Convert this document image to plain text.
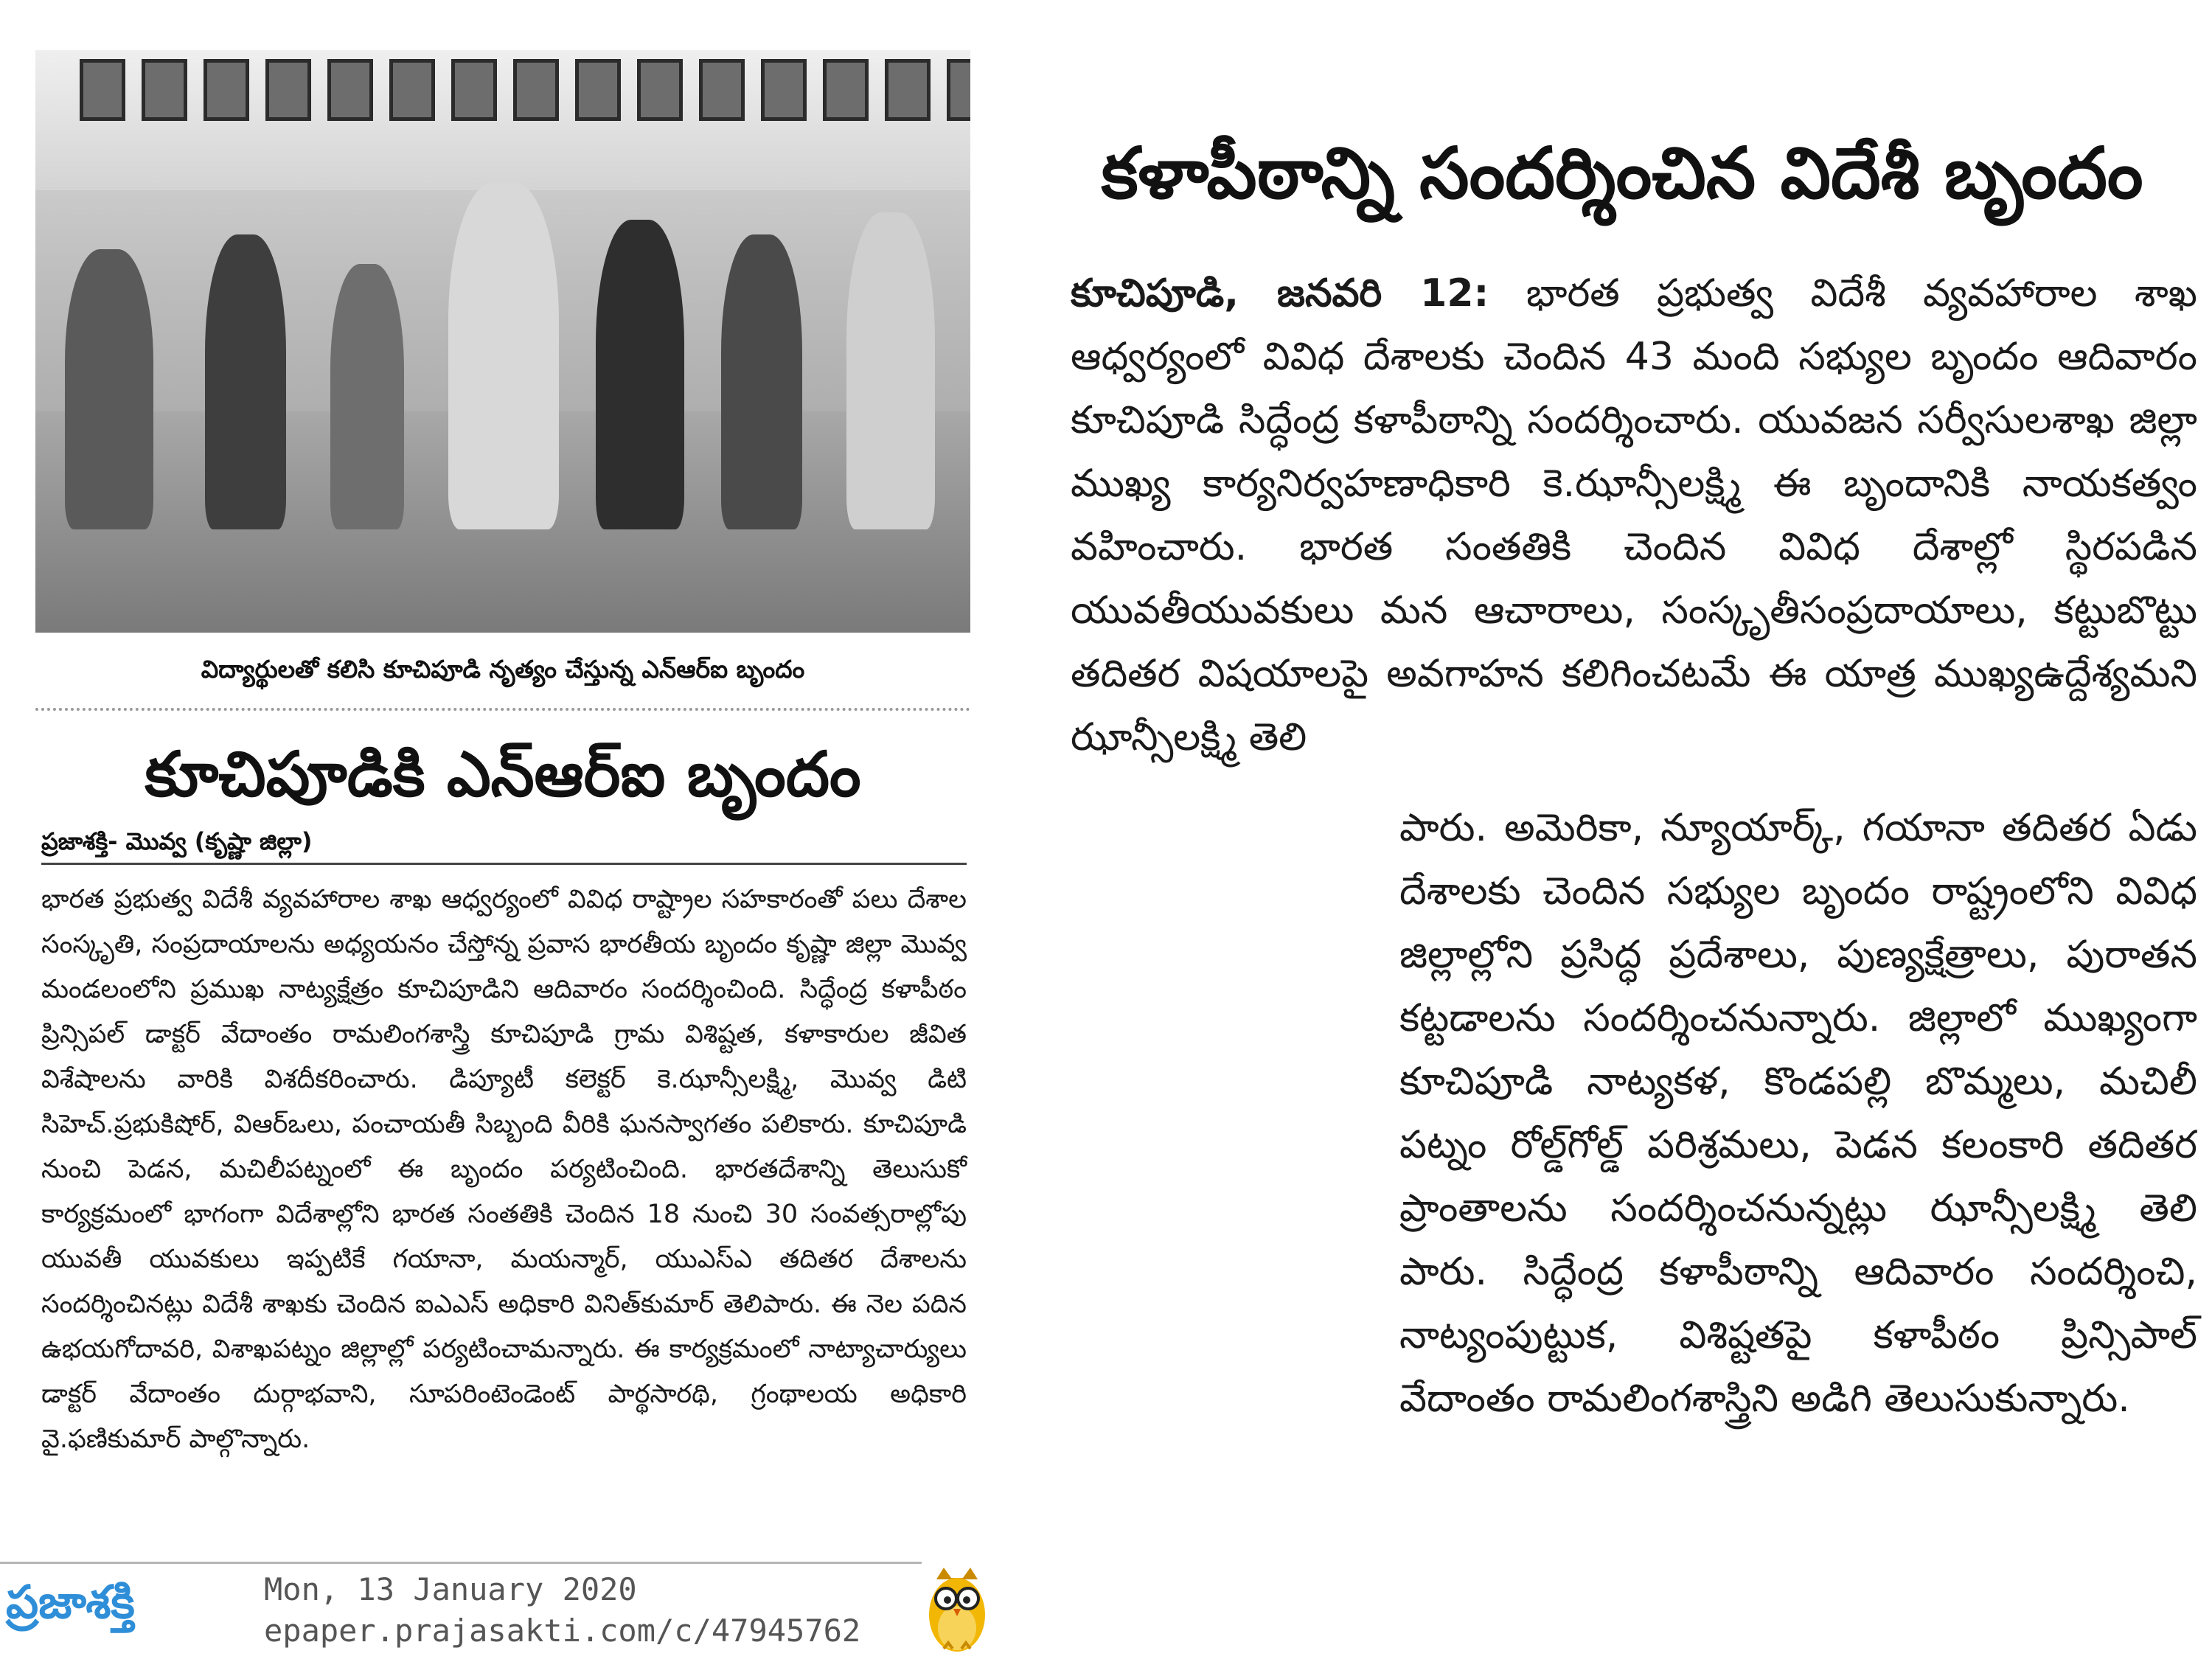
విద్యార్థులతో కలిసి కూచిపూడి నృత్యం చేస్తున్న ఎన్‌ఆర్‌ఐ బృందం
కూచిపూడికి ఎన్‌ఆర్‌ఐ బృందం
ప్రజాశక్తి- మొవ్వ (కృష్ణా జిల్లా)

భారత ప్రభుత్వ విదేశీ వ్యవహారాల శాఖ ఆధ్వర్యంలో వివిధ రాష్ట్రాల సహకారంతో పలు దేశాల సంస్కృతి, సంప్రదాయాలను అధ్యయనం చేస్తోన్న ప్రవాస భారతీయ బృందం కృష్ణా జిల్లా మొవ్వ మండలంలోని ప్రముఖ నాట్యక్షేత్రం కూచిపూడిని ఆదివారం సందర్శించింది. సిద్ధేంద్ర కళాపీఠం ప్రిన్సిపల్ డాక్టర్ వేదాంతం రామలింగశాస్త్రి కూచిపూడి గ్రామ విశిష్టత, కళాకారుల జీవిత విశేషాలను వారికి విశదీకరించారు. డిప్యూటీ కలెక్టర్ కె.ఝాన్సీలక్ష్మి, మొవ్వ డిటి సిహెచ్.ప్రభుకిషోర్, విఆర్‌ఒలు, పంచాయతీ సిబ్బంది వీరికి ఘనస్వాగతం పలికారు. కూచిపూడి నుంచి పెడన, మచిలీపట్నంలో ఈ బృందం పర్యటించింది. భారతదేశాన్ని తెలుసుకో కార్యక్రమంలో భాగంగా విదేశాల్లోని భారత సంతతికి చెందిన 18 నుంచి 30 సంవత్సరాల్లోపు యువతీ యువకులు ఇప్పటికే గయానా, మయన్మార్, యుఎస్‌ఎ తదితర దేశాలను సందర్శించినట్లు విదేశీ శాఖకు చెందిన ఐఎఎస్ అధికారి వినిత్‌కుమార్ తెలిపారు. ఈ నెల పదిన ఉభయగోదావరి, విశాఖపట్నం జిల్లాల్లో పర్యటించామన్నారు. ఈ కార్యక్రమంలో నాట్యాచార్యులు డాక్టర్ వేదాంతం దుర్గాభవాని, సూపరింటెండెంట్ పార్థసారథి, గ్రంథాలయ అధికారి వై.ఫణికుమార్ పాల్గొన్నారు.

ప్రజాశక్తి	Mon, 13 January 2020
epaper.prajasakti.com/c/47945762
కళాపీఠాన్ని సందర్శించిన విదేశీ బృందం

కూచిపూడి, జనవరి 12: భారత ప్రభుత్వ విదేశీ వ్యవహారాల శాఖ ఆధ్వర్యంలో వివిధ దేశాలకు చెందిన 43 మంది సభ్యుల బృందం ఆదివారం కూచిపూడి సిద్ధేంద్ర కళాపీఠాన్ని సందర్శించారు. యువజన సర్వీసులశాఖ జిల్లా ముఖ్య కార్యనిర్వహణాధికారి కె.ఝాన్సీలక్ష్మి ఈ బృందానికి నాయకత్వం వహించారు. భారత సంతతికి చెందిన వివిధ దేశాల్లో స్థిరపడిన యువతీయువకులు మన ఆచారాలు, సంస్కృతీసంప్రదాయాలు, కట్టుబొట్టు తదితర విషయాలపై అవగాహన కలిగించటమే ఈ యాత్ర ముఖ్యఉద్దేశ్యమని ఝాన్సీలక్ష్మి తెలి

పారు. అమెరికా, న్యూయార్క్, గయానా తదితర ఏడు దేశాలకు చెందిన సభ్యుల బృందం రాష్ట్రంలోని వివిధ జిల్లాల్లోని ప్రసిద్ధ ప్రదేశాలు, పుణ్యక్షేత్రాలు, పురాతన కట్టడాలను సందర్శించనున్నారు. జిల్లాలో ముఖ్యంగా కూచిపూడి నాట్యకళ, కొండపల్లి బొమ్మలు, మచిలీ పట్నం రోల్డ్‌గోల్డ్ పరిశ్రమలు, పెడన కలంకారి తదితర ప్రాంతాలను సందర్శించనున్నట్లు ఝాన్సీలక్ష్మి తెలి పారు. సిద్ధేంద్ర కళాపీఠాన్ని ఆదివారం సందర్శించి, నాట్యంపుట్టుక, విశిష్టతపై కళాపీఠం ప్రిన్సిపాల్ వేదాంతం రామలింగశాస్త్రిని అడిగి తెలుసుకున్నారు.
